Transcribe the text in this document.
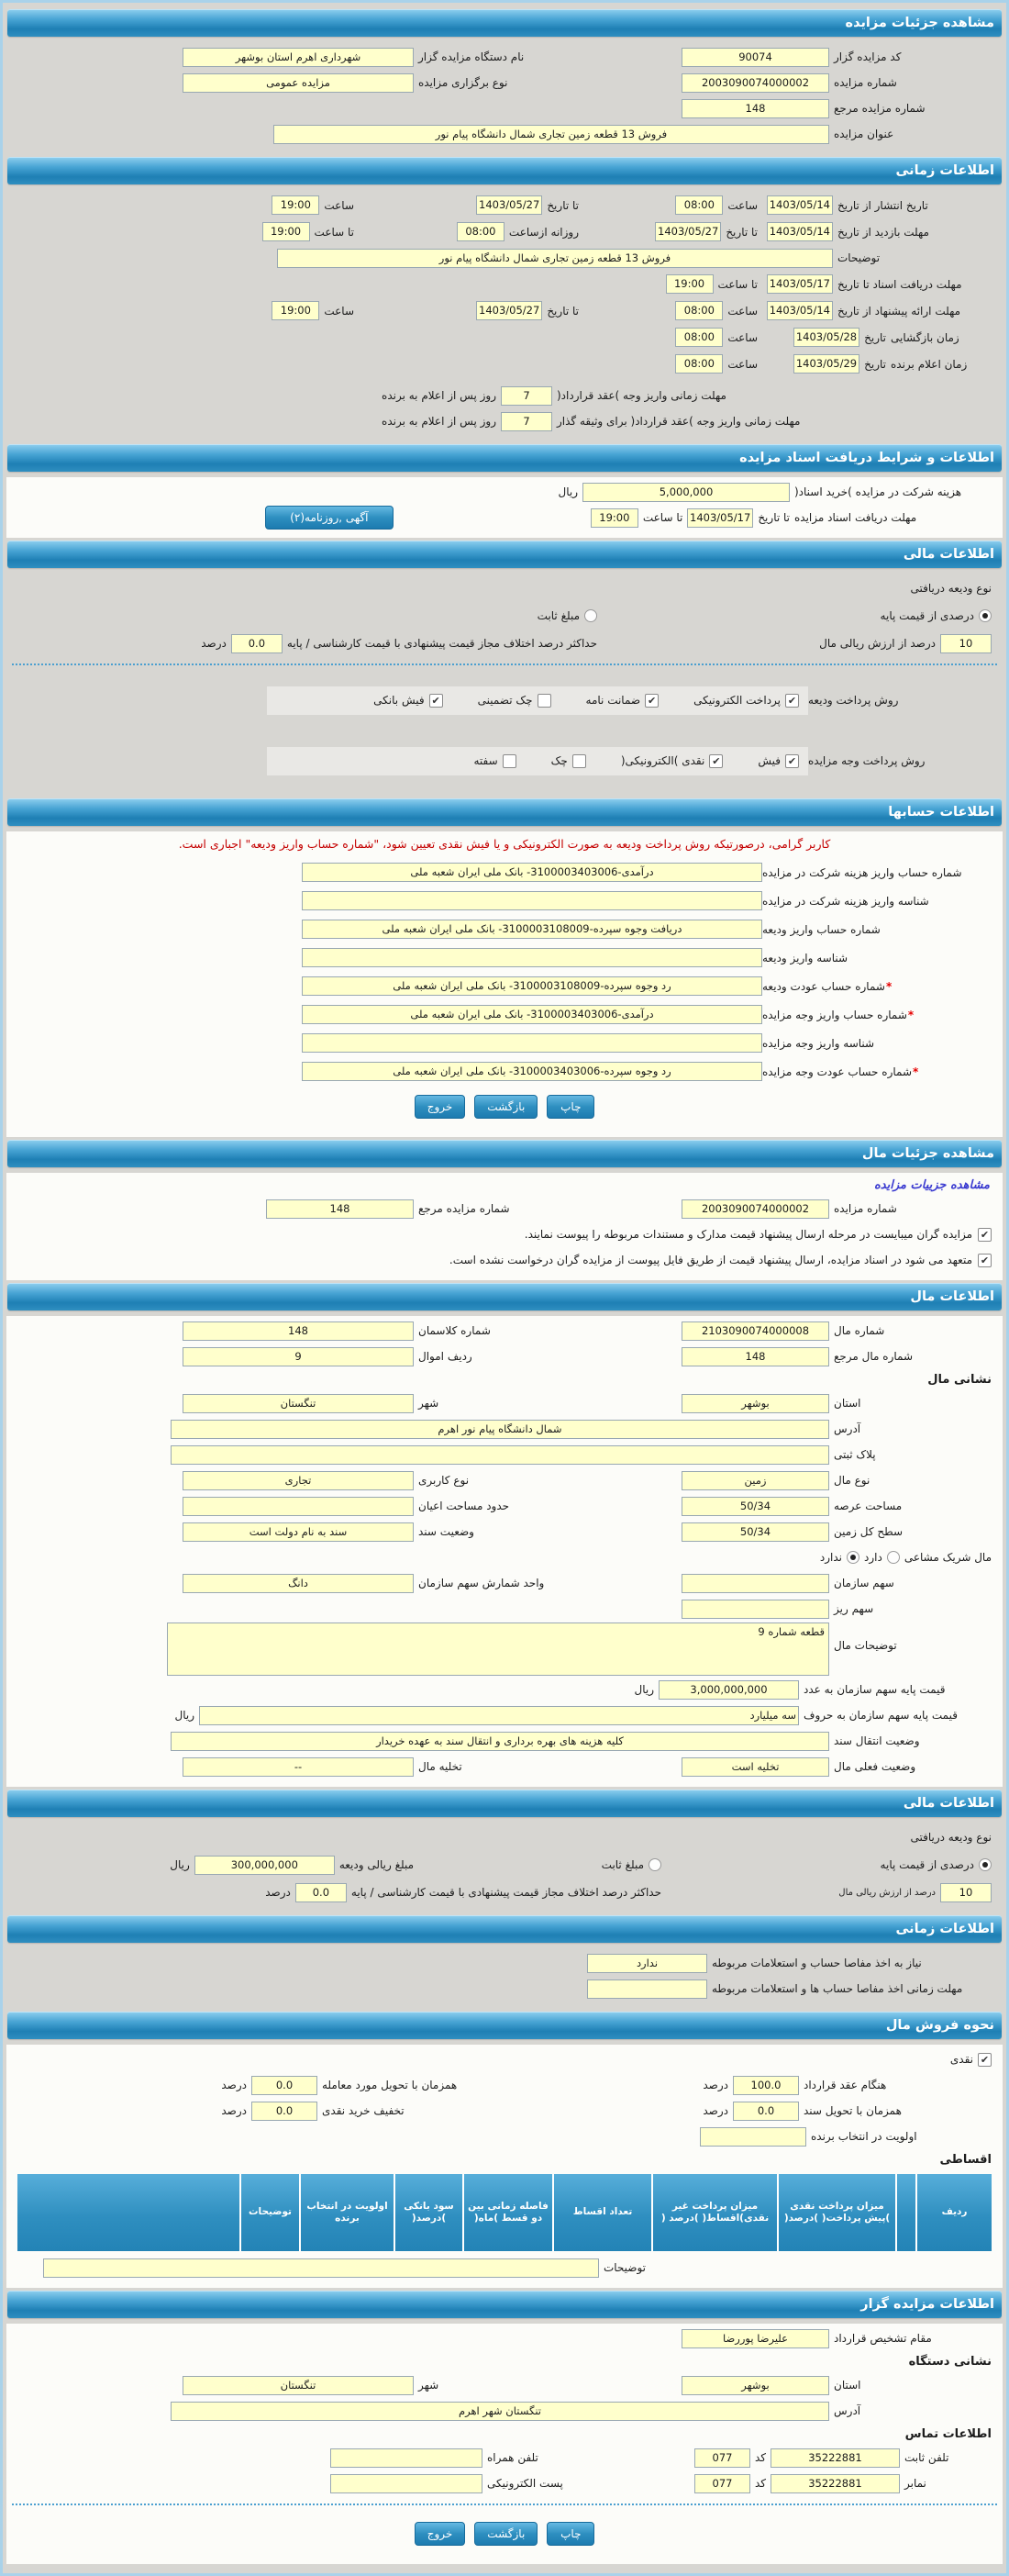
مشاهده جزئیات مزایده
کد مزایده گزار
90074
نام دستگاه مزایده گزار
شهرداری اهرم استان بوشهر
شماره مزایده
2003090074000002
نوع برگزاری مزایده
مزایده عمومی
شماره مزایده مرجع
148
عنوان مزایده
فروش 13 قطعه زمین تجاری شمال دانشگاه پیام نور
اطلاعات زمانی
تاریخ انتشار از تاریخ
1403/05/14
ساعت
08:00
تا تاریخ
1403/05/27
ساعت
19:00
مهلت بازدید از تاریخ
1403/05/14
تا تاریخ
1403/05/27
روزانه ازساعت
08:00
تا ساعت
19:00
توضیحات
فروش 13 قطعه زمین تجاری شمال دانشگاه پیام نور
مهلت دریافت اسناد تا تاریخ
1403/05/17
تا ساعت
19:00
مهلت ارائه پیشنهاد از تاریخ
1403/05/14
ساعت
08:00
تا تاریخ
1403/05/27
ساعت
19:00
زمان بازگشایی
تاریخ
1403/05/28
ساعت
08:00
زمان اعلام برنده
تاریخ
1403/05/29
ساعت
08:00
مهلت زمانی واریز وجه )عقد قرارداد(
7
روز پس از اعلام به برنده
مهلت زمانی واریز وجه )عقد قرارداد( برای وثیقه گذار
7
روز پس از اعلام به برنده
اطلاعات و شرایط دریافت اسناد مزایده
هزینه شرکت در مزایده )خرید اسناد(
5,000,000
ریال
مهلت دریافت اسناد مزایده
تا تاریخ
1403/05/17
تا ساعت
19:00
آگهی ,روزنامه(۲)
اطلاعات مالی
نوع ودیعه دریافتی
درصدی از قیمت پایه
مبلغ ثابت
10
درصد از ارزش ریالی مال
حداکثر درصد اختلاف مجاز قیمت پیشنهادی با قیمت کارشناسی / پایه
0.0
درصد
روش پرداخت ودیعه
✔
پرداخت الکترونیکی
✔
ضمانت نامه
چک تضمینی
✔
فیش بانکی
روش پرداخت وجه مزایده
✔
فیش
✔
نقدی )الکترونیکی(
چک
سفته
اطلاعات حسابها
کاربر گرامی، درصورتیکه روش پرداخت ودیعه به صورت الکترونیکی و یا فیش نقدی تعیین شود، "شماره حساب واریز ودیعه" اجباری است.
شماره حساب واریز هزینه شرکت در مزایده
درآمدی-3100003403006- بانک ملی ایران شعبه ملی
شناسه واریز هزینه شرکت در مزایده
شماره حساب واریز ودیعه
دریافت وجوه سپرده-3100003108009- بانک ملی ایران شعبه ملی
شناسه واریز ودیعه
*شماره حساب عودت ودیعه
رد وجوه سپرده-3100003108009- بانک ملی ایران شعبه ملی
*شماره حساب واریز وجه مزایده
درآمدی-3100003403006- بانک ملی ایران شعبه ملی
شناسه واریز وجه مزایده
*شماره حساب عودت وجه مزایده
رد وجوه سپرده-3100003403006- بانک ملی ایران شعبه ملی
چاپ
بازگشت
خروج
مشاهده جزئیات مال
مشاهده جزییات مزایده
شماره مزایده
2003090074000002
شماره مزایده مرجع
148
✔
مزایده گران میبایست در مرحله ارسال پیشنهاد قیمت مدارک و مستندات مربوطه را پیوست نمایند.
✔
متعهد می شود در اسناد مزایده، ارسال پیشنهاد قیمت از طریق فایل پیوست از مزایده گران درخواست نشده است.
اطلاعات مال
شماره مال
2103090074000008
شماره کلاسمان
148
شماره مال مرجع
148
ردیف اموال
9
نشانی مال
استان
بوشهر
شهر
تنگستان
آدرس
شمال دانشگاه پیام نور اهرم
پلاک ثبتی
نوع مال
زمین
نوع کاربری
تجاری
مساحت عرصه
50/34
حدود مساحت اعیان
سطح کل زمین
50/34
وضعیت سند
سند به نام دولت است
مال شریک مشاعی
دارد
ندارد
سهم سازمان
واحد شمارش سهم سازمان
دانگ
سهم ریز
توضیحات مال
قطعه شماره 9
قیمت پایه سهم سازمان به عدد
3,000,000,000
ریال
قیمت پایه سهم سازمان به حروف
سه میلیارد
ریال
وضعیت انتقال سند
کلیه هزینه های بهره برداری و انتقال سند به عهده خریدار
وضعیت فعلی مال
تخلیه است
تخلیه مال
--
اطلاعات مالی
نوع ودیعه دریافتی
درصدی از قیمت پایه
مبلغ ثابت
مبلغ ریالی ودیعه
300,000,000
ریال
10
درصد از ارزش ریالی مال
حداکثر درصد اختلاف مجاز قیمت پیشنهادی با قیمت کارشناسی / پایه
0.0
درصد
اطلاعات زمانی
نیاز به اخذ مفاصا حساب و استعلامات مربوطه
ندارد
مهلت زمانی اخذ مفاصا حساب ها و استعلامات مربوطه
نحوه فروش مال
✔
نقدی
هنگام عقد قرارداد
100.0
درصد
همزمان با تحویل مورد معامله
0.0
درصد
همزمان با تحویل سند
0.0
درصد
تخفیف خرید نقدی
0.0
درصد
اولویت در انتخاب برنده
اقساطی
ردیف
میزان پرداخت نقدی )پیش پرداخت( )درصد(
میزان پرداخت غیر نقدی)اقساط( )درصد (
تعداد اقساط
فاصله زمانی بین دو قسط )ماه(
سود بانکی )درصد(
اولویت در انتخاب برنده
توضیحات
توضیحات
اطلاعات مزایده گزار
مقام تشخیص قرارداد
علیرضا پوررضا
نشانی دستگاه
استان
بوشهر
شهر
تنگستان
آدرس
تنگستان شهر اهرم
اطلاعات تماس
تلفن ثابت
35222881
کد
077
تلفن همراه
نمابر
35222881
کد
077
پست الکترونیکی
چاپ
بازگشت
خروج
